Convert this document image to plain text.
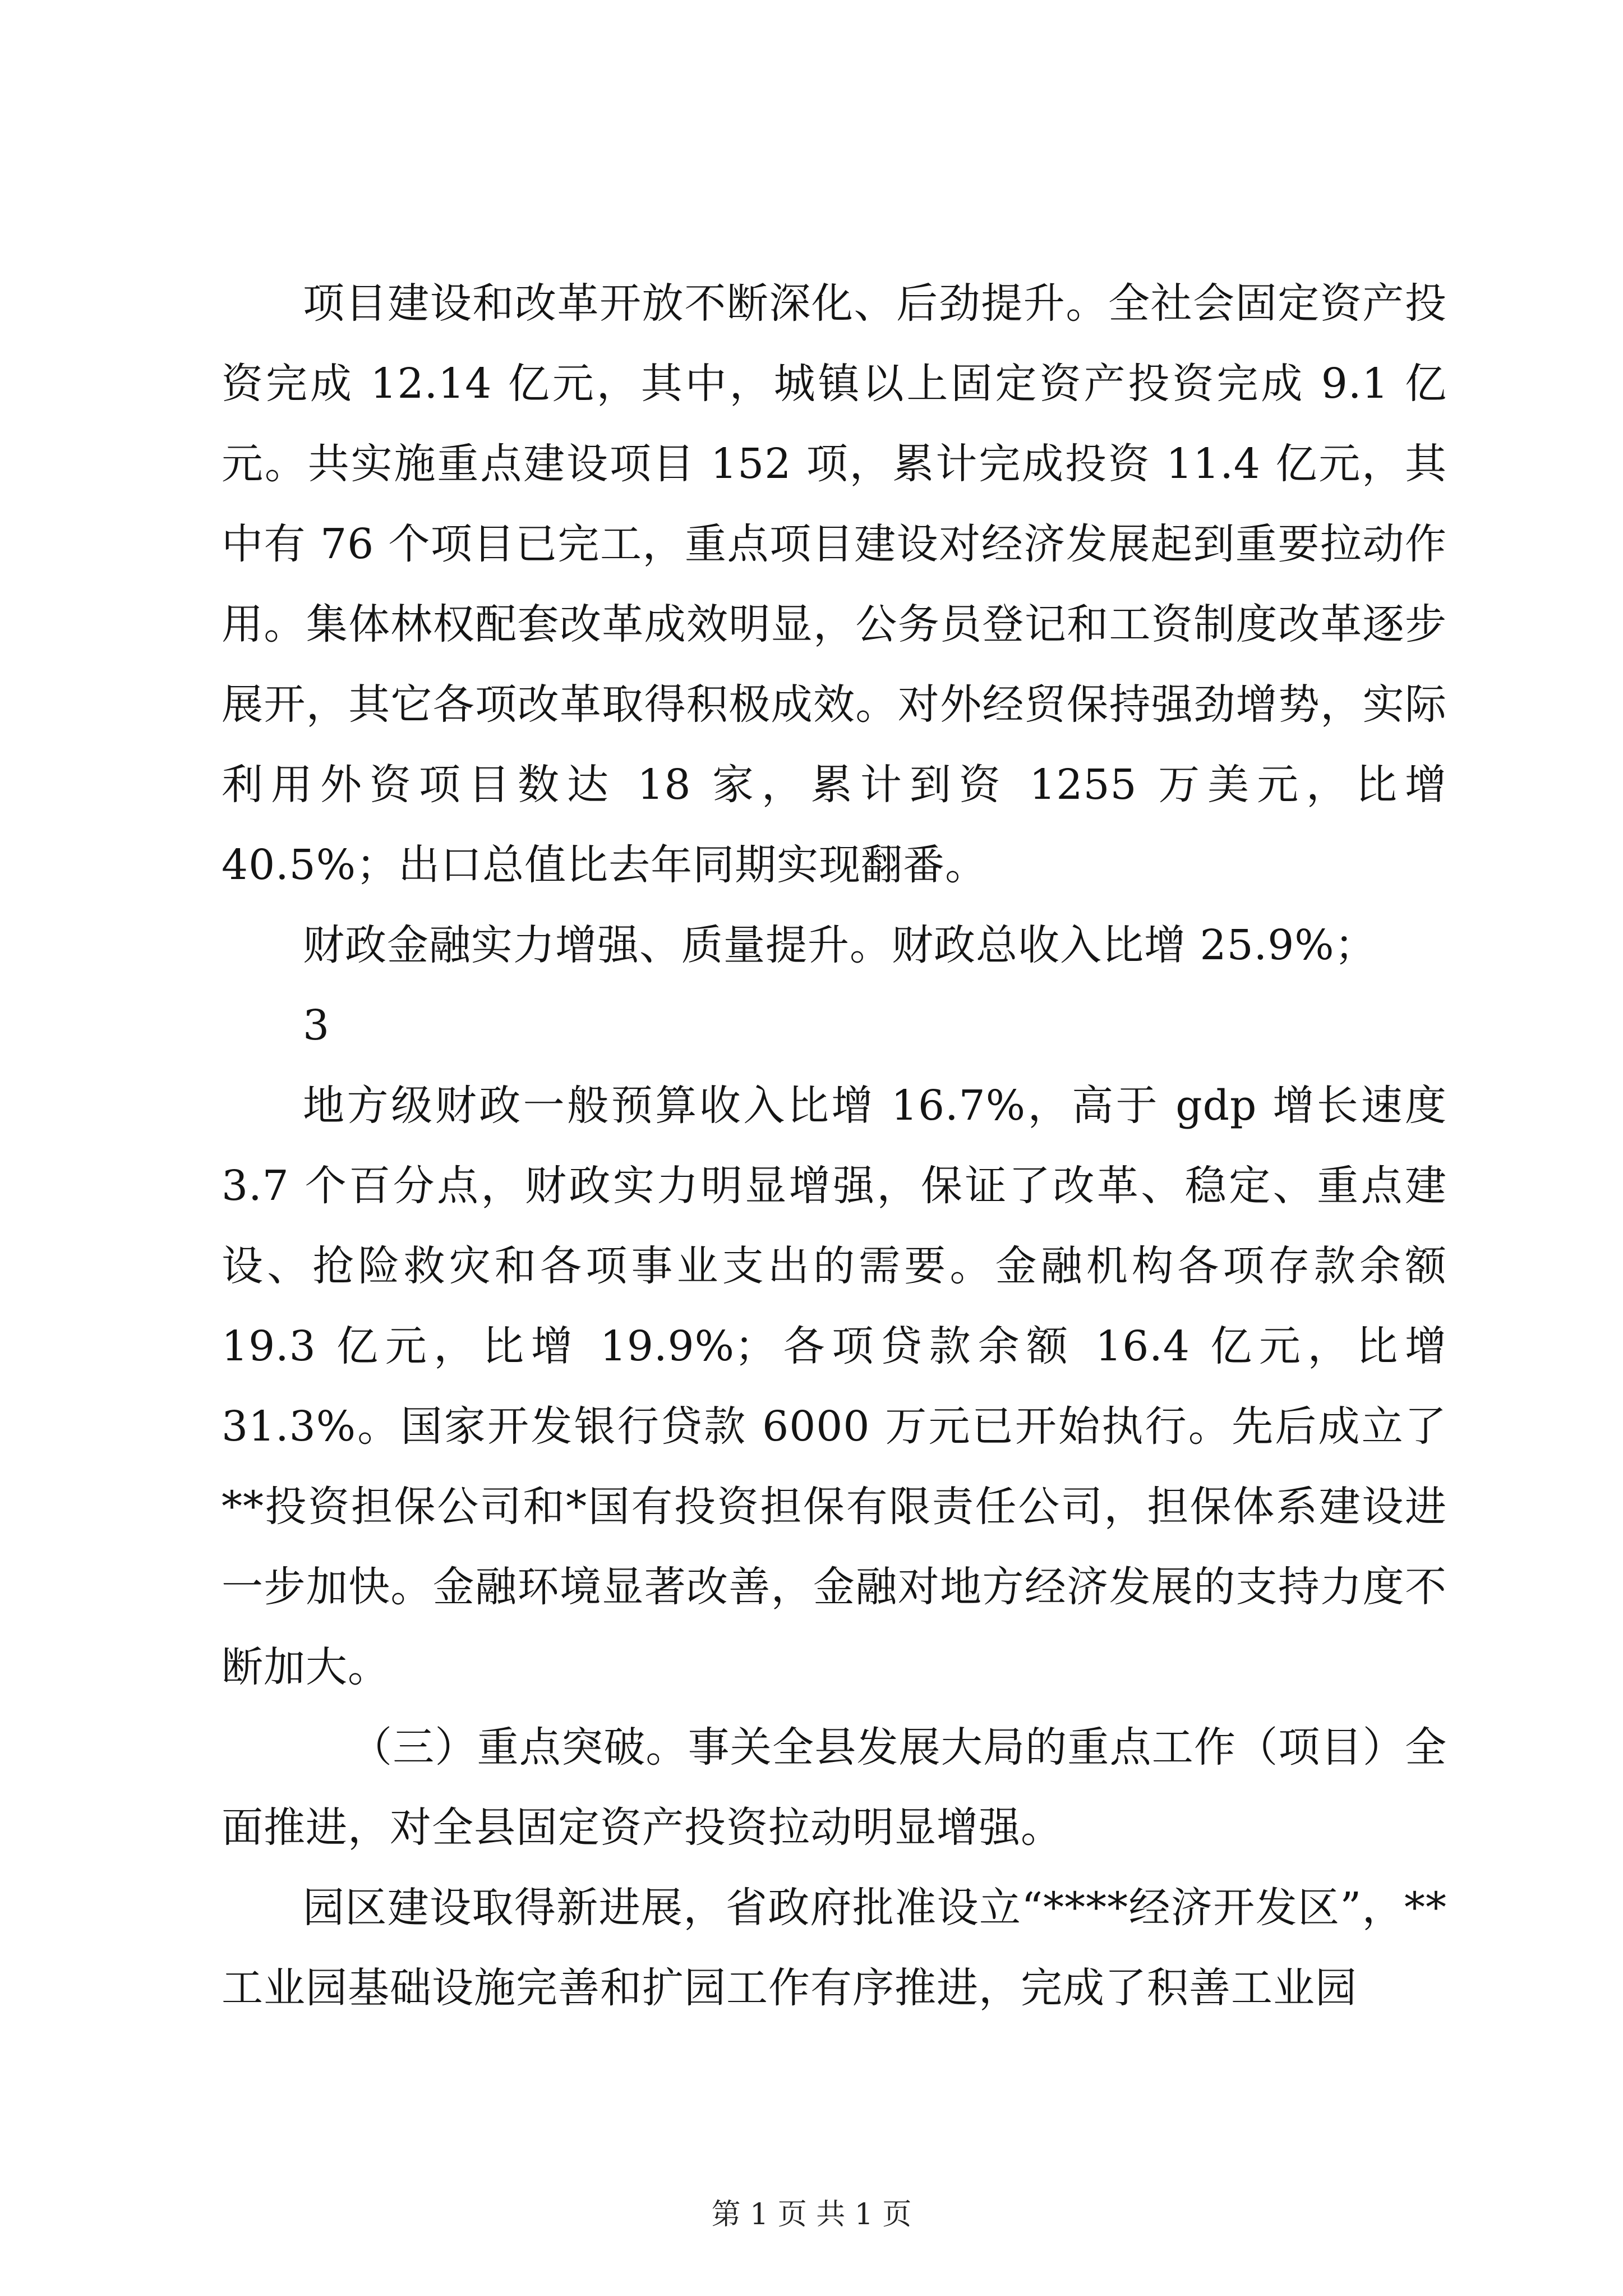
项目建设和改革开放不断深化、后劲提升。全社会固定资产投资完成 12.14 亿元，其中，城镇以上固定资产投资完成 9.1 亿元。共实施重点建设项目 152 项，累计完成投资 11.4 亿元，其中有 76 个项目已完工，重点项目建设对经济发展起到重要拉动作用。集体林权配套改革成效明显，公务员登记和工资制度改革逐步展开，其它各项改革取得积极成效。对外经贸保持强劲增势，实际利用外资项目数达 18 家，累计到资 1255 万美元，比增 40.5%；出口总值比去年同期实现翻番。

财政金融实力增强、质量提升。财政总收入比增 25.9%；

3

地方级财政一般预算收入比增 16.7%，高于 gdp 增长速度 3.7 个百分点，财政实力明显增强，保证了改革、稳定、重点建设、抢险救灾和各项事业支出的需要。金融机构各项存款余额 19.3 亿元，比增 19.9%；各项贷款余额 16.4 亿元，比增 31.3%。国家开发银行贷款 6000 万元已开始执行。先后成立了**投资担保公司和*国有投资担保有限责任公司，担保体系建设进一步加快。金融环境显著改善，金融对地方经济发展的支持力度不断加大。

（三）重点突破。事关全县发展大局的重点工作（项目）全面推进，对全县固定资产投资拉动明显增强。

园区建设取得新进展，省政府批准设立“****经济开发区”，**工业园基础设施完善和扩园工作有序推进，完成了积善工业园

第 1 页 共 1 页
